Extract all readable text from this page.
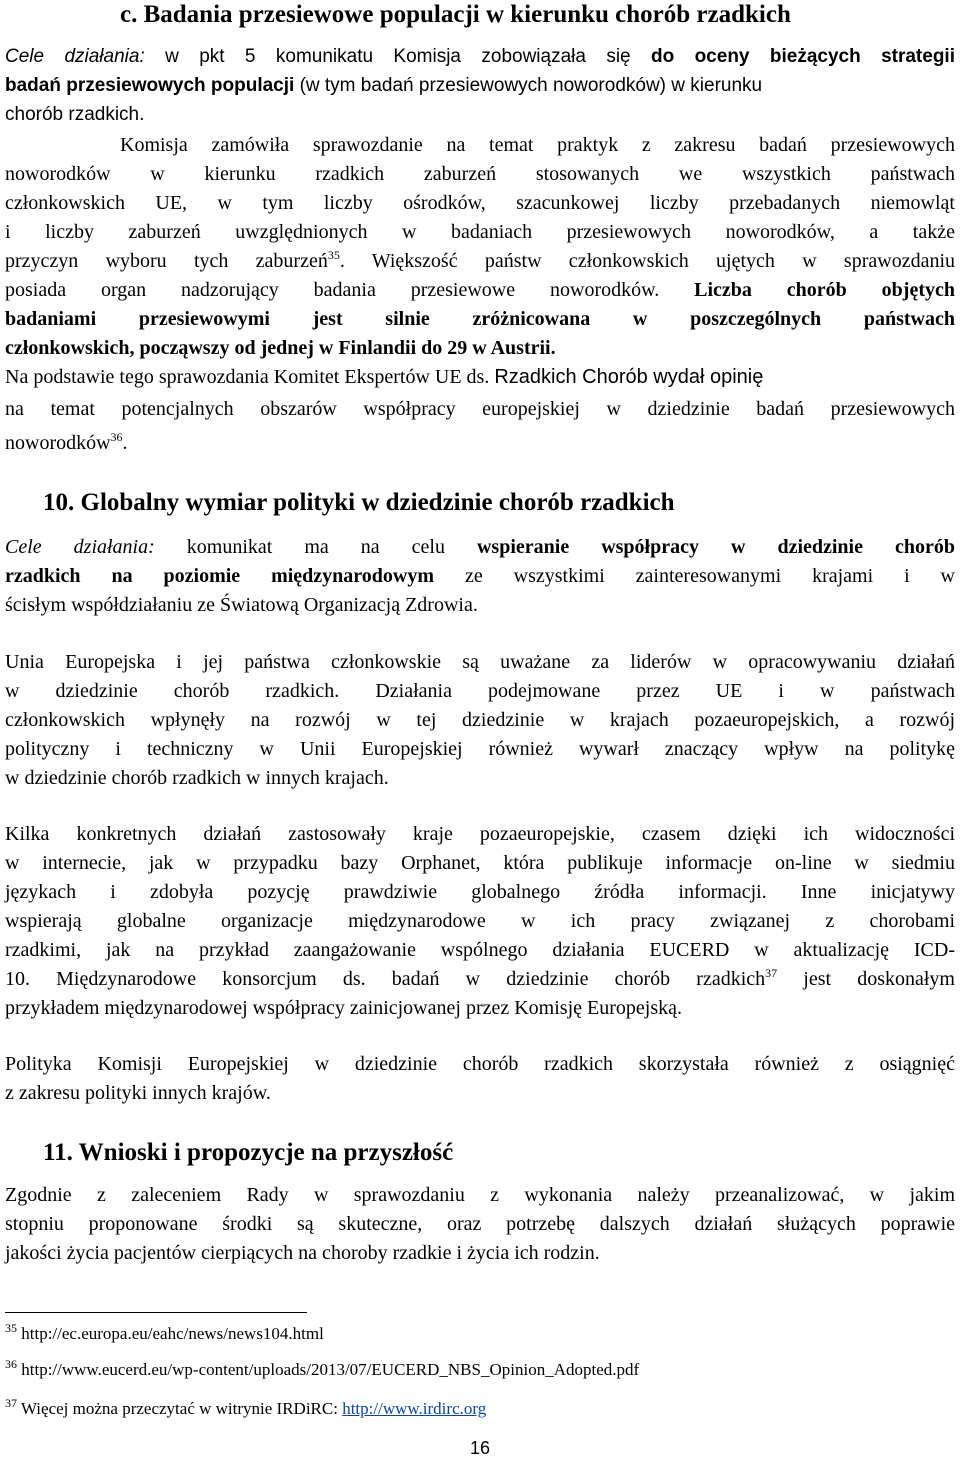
c. Badania przesiewowe populacji w kierunku chorób rzadkich
Cele działania: w pkt 5 komunikatu Komisja zobowiązała się do oceny bieżących strategii
badań przesiewowych populacji (w tym badań przesiewowych noworodków) w kierunku
chorób rzadkich.
Komisja zamówiła sprawozdanie na temat praktyk z zakresu badań przesiewowych
noworodków w kierunku rzadkich zaburzeń stosowanych we wszystkich państwach
członkowskich UE, w tym liczby ośrodków, szacunkowej liczby przebadanych niemowląt
i liczby zaburzeń uwzględnionych w badaniach przesiewowych noworodków, a także
przyczyn wyboru tych zaburzeń$^{35}$. Większość państw członkowskich ujętych w sprawozdaniu
posiada organ nadzorujący badania przesiewowe noworodków. Liczba chorób objętych
badaniami przesiewowymi jest silnie zróżnicowana w poszczególnych państwach
członkowskich, począwszy od jednej w Finlandii do 29 w Austrii.
Na podstawie tego sprawozdania Komitet Ekspertów UE ds. Rzadkich Chorób wydał opinię
na temat potencjalnych obszarów współpracy europejskiej w dziedzinie badań przesiewowych
noworodków$^{36}$.
10. Globalny wymiar polityki w dziedzinie chorób rzadkich
Cele działania: komunikat ma na celu wspieranie współpracy w dziedzinie chorób
rzadkich na poziomie międzynarodowym ze wszystkimi zainteresowanymi krajami i w
ścisłym współdziałaniu ze Światową Organizacją Zdrowia.
Unia Europejska i jej państwa członkowskie są uważane za liderów w opracowywaniu działań
w dziedzinie chorób rzadkich. Działania podejmowane przez UE i w państwach
członkowskich wpłynęły na rozwój w tej dziedzinie w krajach pozaeuropejskich, a rozwój
polityczny i techniczny w Unii Europejskiej również wywarł znaczący wpływ na politykę
w dziedzinie chorób rzadkich w innych krajach.
Kilka konkretnych działań zastosowały kraje pozaeuropejskie, czasem dzięki ich widoczności
w internecie, jak w przypadku bazy Orphanet, która publikuje informacje on-line w siedmiu
językach i zdobyła pozycję prawdziwie globalnego źródła informacji. Inne inicjatywy
wspierają globalne organizacje międzynarodowe w ich pracy związanej z chorobami
rzadkimi, jak na przykład zaangażowanie wspólnego działania EUCERD w aktualizację ICD-
10. Międzynarodowe konsorcjum ds. badań w dziedzinie chorób rzadkich$^{37}$ jest doskonałym
przykładem międzynarodowej współpracy zainicjowanej przez Komisję Europejską.
Polityka Komisji Europejskiej w dziedzinie chorób rzadkich skorzystała również z osiągnięć
z zakresu polityki innych krajów.
11. Wnioski i propozycje na przyszłość
Zgodnie z zaleceniem Rady w sprawozdaniu z wykonania należy przeanalizować, w jakim
stopniu proponowane środki są skuteczne, oraz potrzebę dalszych działań służących poprawie
jakości życia pacjentów cierpiących na choroby rzadkie i życia ich rodzin.
$^{35}$ http://ec.europa.eu/eahc/news/news104.html
$^{36}$ http://www.eucerd.eu/wp-content/uploads/2013/07/EUCERD_NBS_Opinion_Adopted.pdf
$^{37}$ Więcej można przeczytać w witrynie IRDiRC: http://www.irdirc.org
16
